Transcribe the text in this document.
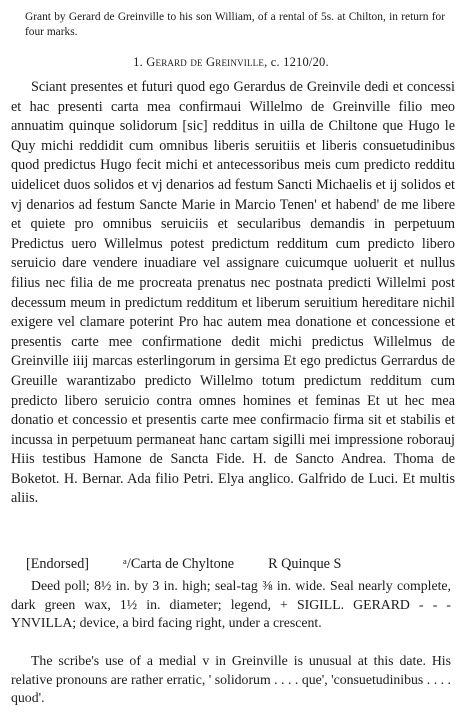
Grant by Gerard de Greinville to his son William, of a rental of 5s. at Chilton, in return for four marks.
1. Gerard de Greinville, c. 1210/20.

Sciant presentes et futuri quod ego Gerardus de Greinvile dedi et concessi et hac presenti carta mea confirmaui Willelmo de Greinville filio meo annuatim quinque solidorum [sic] redditus in uilla de Chiltone que Hugo le Quy michi reddidit cum omnibus liberis seruitiis et liberis consuetudinibus quod predictus Hugo fecit michi et antecessoribus meis cum predicto redditu uidelicet duos solidos et vj denarios ad festum Sancti Michaelis et ij solidos et vj denarios ad festum Sancte Marie in Marcio Tenen' et habend' de me libere et quiete pro omnibus seruiciis et secularibus demandis in perpetuum Predictus uero Willelmus potest predictum redditum cum predicto libero seruicio dare vendere inuadiare vel assignare cuicumque uoluerit et nullus filius nec filia de me procreata prenatus nec postnata predicti Willelmi post decessum meum in predictum redditum et liberum seruitium hereditare nichil exigere vel clamare poterint Pro hac autem mea donatione et concessione et presentis carte mee confirmatione dedit michi predictus Willelmus de Greinville iiij marcas esterlingorum in gersima Et ego predictus Gerrardus de Greuille warantizabo predicto Willelmo totum predictum redditum cum predicto libero seruicio contra omnes homines et feminas Et ut hec mea donatio et concessio et presentis carte mee confirmacio firma sit et stabilis et incussa in perpetuum permaneat hanc cartam sigilli mei impressione roborauj Hiis testibus Hamone de Sancta Fide. H. de Sancto Andrea. Thoma de Boketot. H. Bernar. Ada filio Petri. Elya anglico. Galfrido de Luci. Et multis aliis.

[Endorsed] ᵃ/Carta de Chyltone R Quinque S
Deed poll; 8½ in. by 3 in. high; seal-tag ⅜ in. wide. Seal nearly complete, dark green wax, 1½ in. diameter; legend, + SIGILL. GERARD - - - YNVILLA; device, a bird facing right, under a crescent.
The scribe's use of a medial v in Greinville is unusual at this date. His relative pronouns are rather erratic, ' solidorum . . . . que', 'consuetudinibus . . . . quod'.
